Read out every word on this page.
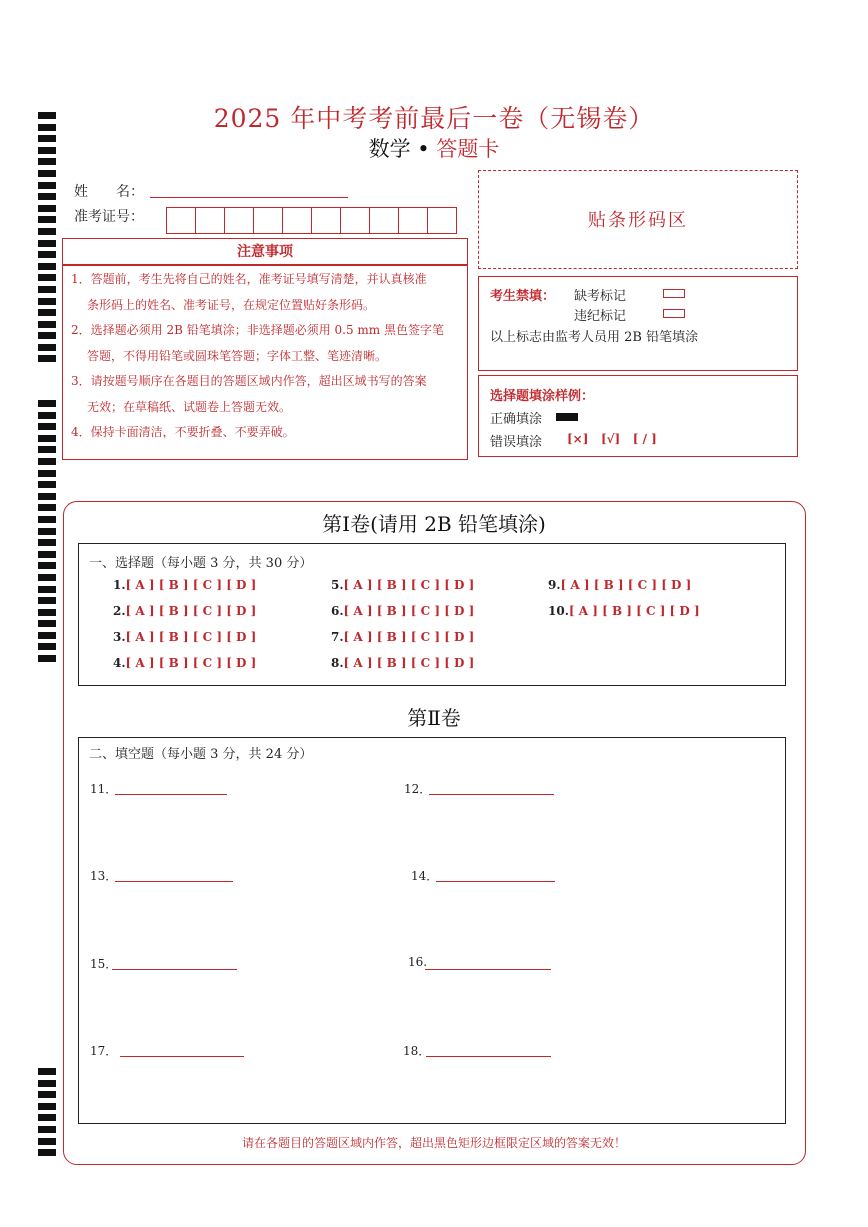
2025 年中考考前最后一卷（无锡卷）
数学 • 答题卡
姓　　名：
准考证号：	贴条形码区
注意事项

1．答题前，考生先将自己的姓名，准考证号填写清楚，并认真核准

条形码上的姓名、准考证号，在规定位置贴好条形码。

2．选择题必须用 2B 铅笔填涂；非选择题必须用 0.5 mm 黑色签字笔

答题，不得用铅笔或圆珠笔答题；字体工整、笔迹清晰。

3．请按题号顺序在各题目的答题区域内作答，超出区域书写的答案

无效；在草稿纸、试题卷上答题无效。

4．保持卡面清洁，不要折叠、不要弄破。

考生禁填： 缺考标记
违纪标记
以上标志由监考人员用 2B 铅笔填涂
选择题填涂样例：
正确填涂
错误填涂 [×] [√] [ / ]
第Ⅰ卷(请用 2B 铅笔填涂)
一、选择题（每小题 3 分，共 30 分）
1.[ A ] [ B ] [ C ] [ D ]
2.[ A ] [ B ] [ C ] [ D ]
3.[ A ] [ B ] [ C ] [ D ]
4.[ A ] [ B ] [ C ] [ D ]
5.[ A ] [ B ] [ C ] [ D ]
6.[ A ] [ B ] [ C ] [ D ]
7.[ A ] [ B ] [ C ] [ D ]
8.[ A ] [ B ] [ C ] [ D ]
9.[ A ] [ B ] [ C ] [ D ]
10.[ A ] [ B ] [ C ] [ D ]
第Ⅱ卷
二、填空题（每小题 3 分，共 24 分）
11．	12．
13．	14．
15．	16.
17．	18．
请在各题目的答题区域内作答，超出黑色矩形边框限定区域的答案无效！
